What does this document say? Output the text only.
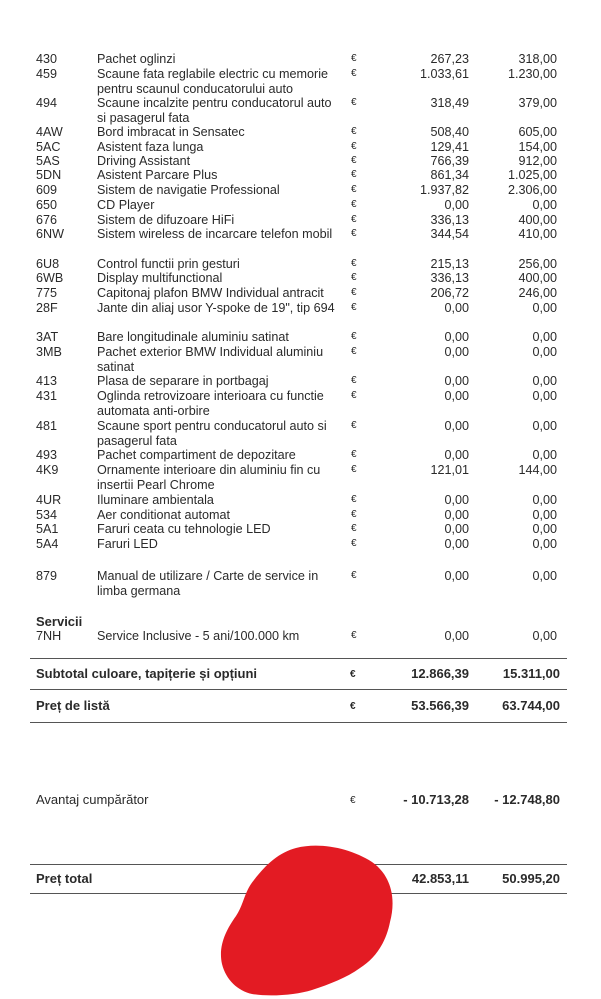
430	Pachet oglinzi	€	267,23	318,00
459	Scaune fata reglabile electric cu memorie pentru scaunul conducatorului auto
€	1.033,61	1.230,00
494	Scaune incalzite pentru conducatorul auto si pasagerul fata
€	318,49	379,00
4AW	Bord imbracat in Sensatec	€	508,40	605,00
5AC	Asistent faza lunga	€	129,41	154,00
5AS	Driving Assistant	€	766,39	912,00
5DN	Asistent Parcare Plus	€	861,34	1.025,00
609	Sistem de navigatie Professional	€	1.937,82	2.306,00
650	CD Player	€	0,00	0,00
676	Sistem de difuzoare HiFi	€	336,13	400,00
6NW	Sistem wireless de incarcare telefon mobil	€	344,54	410,00
6U8	Control functii prin gesturi	€	215,13	256,00
6WB	Display multifunctional	€	336,13	400,00
775	Capitonaj plafon BMW Individual antracit	€	206,72	246,00
28F	Jante din aliaj usor Y-spoke de 19", tip 694 €	0,00	0,00
3AT	Bare longitudinale aluminiu satinat	€	0,00	0,00
3MB	Pachet exterior BMW Individual aluminiu satinat
€	0,00	0,00
413	Plasa de separare in portbagaj	€	0,00	0,00
431	Oglinda retrovizoare interioara cu functie automata anti-orbire
€	0,00	0,00
481	Scaune sport pentru conducatorul auto si pasagerul fata
€	0,00	0,00
493	Pachet compartiment de depozitare	€	0,00	0,00
4K9	Ornamente interioare din aluminiu fin cu insertii Pearl Chrome
€	121,01	144,00
4UR	Iluminare ambientala	€	0,00	0,00
534	Aer conditionat automat	€	0,00	0,00
5A1	Faruri ceata cu tehnologie LED	€	0,00	0,00
5A4	Faruri LED	€	0,00	0,00
879	Manual de utilizare / Carte de service in limba germana
€	0,00	0,00
Servicii
7NH	Service Inclusive - 5 ani/100.000 km	€	0,00	0,00
Subtotal culoare, tapițerie și opțiuni	€	12.866,39	15.311,00
Preț de listă	€	53.566,39	63.744,00
Avantaj cumpărător	€	- 10.713,28 - 12.748,80
Preț total	42.853,11	50.995,20
autovit.ro
